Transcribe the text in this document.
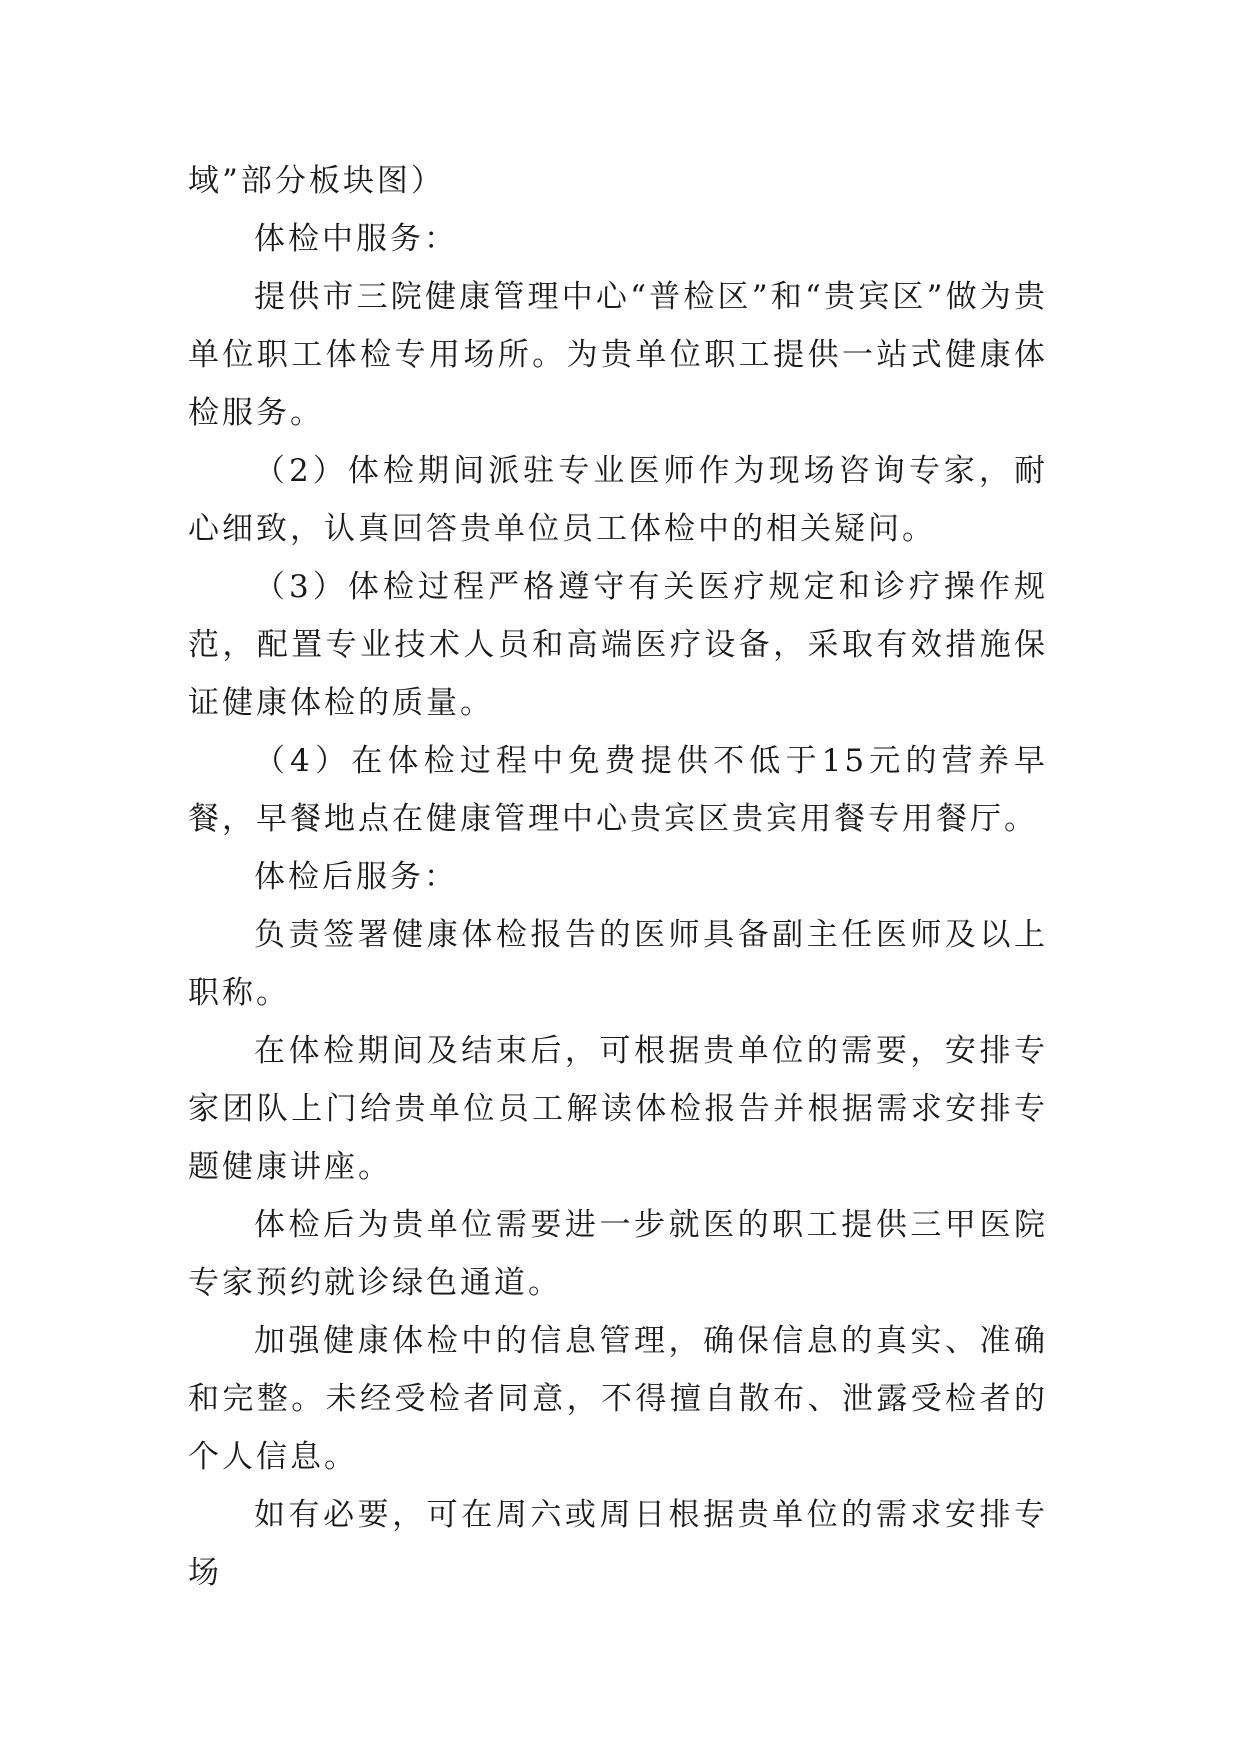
域”部分板块图）

体检中服务：

提供市三院健康管理中心“普检区”和“贵宾区”做为贵单位职工体检专用场所。为贵单位职工提供一站式健康体检服务。

（2）体检期间派驻专业医师作为现场咨询专家，耐心细致，认真回答贵单位员工体检中的相关疑问。

（3）体检过程严格遵守有关医疗规定和诊疗操作规范，配置专业技术人员和高端医疗设备，采取有效措施保证健康体检的质量。

（4）在体检过程中免费提供不低于15元的营养早餐，早餐地点在健康管理中心贵宾区贵宾用餐专用餐厅。

体检后服务：

负责签署健康体检报告的医师具备副主任医师及以上职称。

在体检期间及结束后，可根据贵单位的需要，安排专家团队上门给贵单位员工解读体检报告并根据需求安排专题健康讲座。

体检后为贵单位需要进一步就医的职工提供三甲医院专家预约就诊绿色通道。

加强健康体检中的信息管理，确保信息的真实、准确和完整。未经受检者同意，不得擅自散布、泄露受检者的个人信息。

如有必要，可在周六或周日根据贵单位的需求安排专场
